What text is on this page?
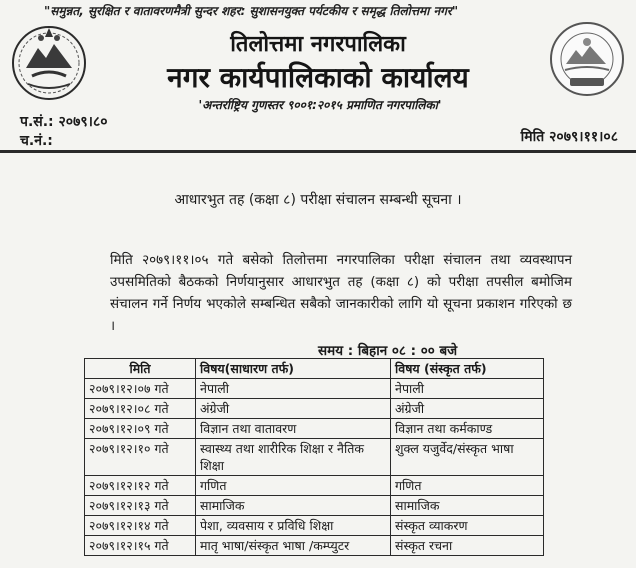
"समुन्नत, सुरक्षित र वातावरणमैत्री सुन्दर शहर: सुशासनयुक्त पर्यटकीय र समृद्ध तिलोत्तमा नगर"
तिलोत्तमा नगरपालिका
नगर कार्यपालिकाको कार्यालय
'अन्तर्राष्ट्रिय गुणस्तर ९००१:२०१५ प्रमाणित नगरपालिका'
प.सं.: २०७९।८०
च.नं.:	मिति २०७९।११।०८
आधारभुत तह (कक्षा ८) परीक्षा संचालन सम्बन्धी सूचना ।
मिति २०७९।११।०५ गते बसेको तिलोत्तमा नगरपालिका परीक्षा संचालन तथा व्यवस्थापन उपसमितिको बैठकको निर्णयानुसार आधारभुत तह (कक्षा ८) को परीक्षा तपसील बमोजिम संचालन गर्ने निर्णय भएकोले सम्बन्धित सबैको जानकारीको लागि यो सूचना प्रकाशन गरिएको छ ।
समय : बिहान ०८ : ०० बजे
मिति	विषय(साधारण तर्फ)	विषय (संस्कृत तर्फ)
२०७९।१२।०७ गते	नेपाली	नेपाली
२०७९।१२।०८ गते	अंग्रेजी	अंग्रेजी
२०७९।१२।०९ गते	विज्ञान तथा वातावरण	विज्ञान तथा कर्मकाण्ड
२०७९।१२।१० गते	स्वास्थ्य तथा शारीरिक शिक्षा र नैतिक शिक्षा	शुक्ल यजुर्वेद/संस्कृत भाषा
२०७९।१२।१२ गते	गणित	गणित
२०७९।१२।१३ गते	सामाजिक	सामाजिक
२०७९।१२।१४ गते	पेशा, व्यवसाय र प्रविधि शिक्षा	संस्कृत व्याकरण
२०७९।१२।१५ गते	मातृ भाषा/संस्कृत भाषा /कम्प्युटर	संस्कृत रचना
